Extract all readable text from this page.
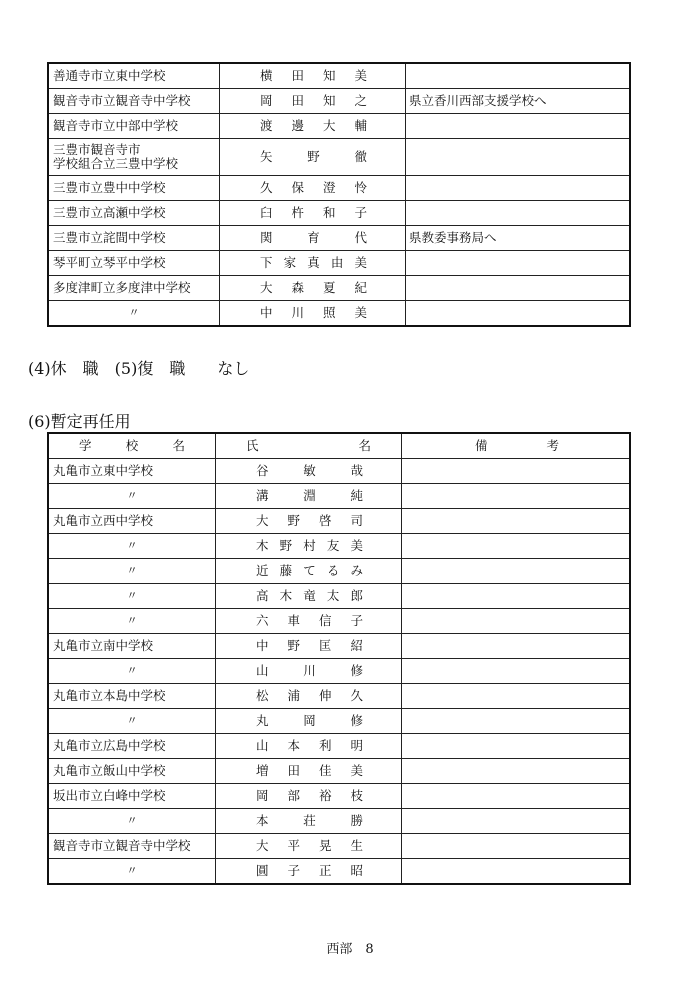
善通寺市立東中学校	横 田 知 美	

観音寺市立観音寺中学校	岡 田 知 之	県立香川西部支援学校へ
観音寺市立中部中学校	渡 邊 大 輔	

三豊市観音寺市
学校組合立三豊中学校	矢 野 徹	

三豊市立豊中中学校	久 保 澄 怜	

三豊市立高瀬中学校	臼 杵 和 子	

三豊市立詫間中学校	関 育 代	県教委事務局へ
琴平町立琴平中学校	下 家 真 由 美	

多度津町立多度津中学校	大 森 夏 紀	

〃	中 川 照 美	

(4)休　職　(5)復　職　　なし
(6)暫定再任用
学 校 名	氏 名	備 考

丸亀市立東中学校	谷 敏 哉	

〃	溝 淵 純	

丸亀市立西中学校	大 野 啓 司	

〃	木 野 村 友 美	

〃	近 藤 て る み	

〃	高 木 竜 太 郎	

〃	六 車 信 子	

丸亀市立南中学校	中 野 匡 紹	

〃	山 川 修	

丸亀市立本島中学校	松 浦 伸 久	

〃	丸 岡 修	

丸亀市立広島中学校	山 本 利 明	

丸亀市立飯山中学校	増 田 佳 美	

坂出市立白峰中学校	岡 部 裕 枝	

〃	本 荘 勝	

観音寺市立観音寺中学校	大 平 晃 生	

〃	圓 子 正 昭	

西部　8
